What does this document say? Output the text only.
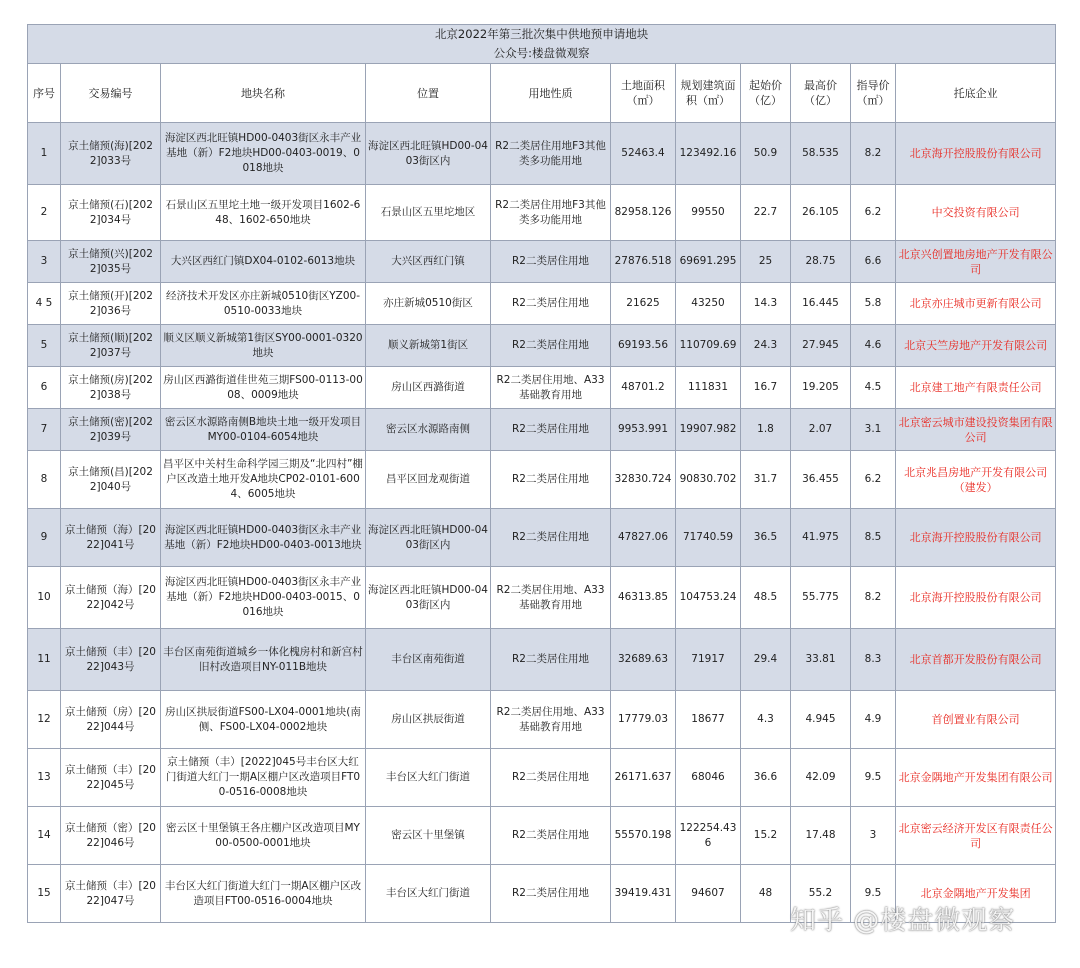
北京2022年第三批次集中供地预申请地块										
公众号:楼盘微观察										
序号	交易编号	地块名称	位置	用地性质	土地面积（㎡）	规划建筑面积（㎡）	起始价（亿）	最高价（亿）	指导价（㎡）	托底企业
1	京土储预(海)[2022]033号	海淀区西北旺镇HD00-0403街区永丰产业基地（新）F2地块HD00-0403-0019、0018地块	海淀区西北旺镇HD00-0403街区内	R2二类居住用地F3其他类多功能用地	52463.4	123492.16	50.9	58.535	8.2	北京海开控股股份有限公司
2	京土储预(石)[2022]034号	石景山区五里坨土地一级开发项目1602-648、1602-650地块	石景山区五里坨地区	R2二类居住用地F3其他类多功能用地	82958.126	99550	22.7	26.105	6.2	中交投资有限公司
3	京土储预(兴)[2022]035号	大兴区西红门镇DX04-0102-6013地块	大兴区西红门镇	R2二类居住用地	27876.518	69691.295	25	28.75	6.6	北京兴创置地房地产开发有限公司
4 5	京土储预(开)[2022]036号	经济技术开发区亦庄新城0510街区YZ00-0510-0033地块	亦庄新城0510街区	R2二类居住用地	21625	43250	14.3	16.445	5.8	北京亦庄城市更新有限公司
5	京土储预(顺)[2022]037号	顺义区顺义新城第1街区SY00-0001-0320地块	顺义新城第1街区	R2二类居住用地	69193.56	110709.69	24.3	27.945	4.6	北京天竺房地产开发有限公司
6	京土储预(房)[2022]038号	房山区西潞街道佳世苑三期FS00-0113-0008、0009地块	房山区西潞街道	R2二类居住用地、A33基础教育用地	48701.2	111831	16.7	19.205	4.5	北京建工地产有限责任公司
7	京土储预(密)[2022]039号	密云区水源路南侧B地块土地一级开发项目MY00-0104-6054地块	密云区水源路南侧	R2二类居住用地	9953.991	19907.982	1.8	2.07	3.1	北京密云城市建设投资集团有限公司
8	京土储预(昌)[2022]040号	昌平区中关村生命科学园三期及“北四村”棚户区改造土地开发A地块CP02-0101-6004、6005地块	昌平区回龙观街道	R2二类居住用地	32830.724	90830.702	31.7	36.455	6.2	北京兆昌房地产开发有限公司（建发）
9	京土储预（海）[2022]041号	海淀区西北旺镇HD00-0403街区永丰产业基地（新）F2地块HD00-0403-0013地块	海淀区西北旺镇HD00-0403街区内	R2二类居住用地	47827.06	71740.59	36.5	41.975	8.5	北京海开控股股份有限公司
10	京土储预（海）[2022]042号	海淀区西北旺镇HD00-0403街区永丰产业基地（新）F2地块HD00-0403-0015、0016地块	海淀区西北旺镇HD00-0403街区内	R2二类居住用地、A33基础教育用地	46313.85	104753.24	48.5	55.775	8.2	北京海开控股股份有限公司
11	京土储预（丰）[2022]043号	丰台区南苑街道城乡一体化槐房村和新宫村旧村改造项目NY-011B地块	丰台区南苑街道	R2二类居住用地	32689.63	71917	29.4	33.81	8.3	北京首都开发股份有限公司
12	京土储预（房）[2022]044号	房山区拱辰街道FS00-LX04-0001地块(南侧、FS00-LX04-0002地块	房山区拱辰街道	R2二类居住用地、A33基础教育用地	17779.03	18677	4.3	4.945	4.9	首创置业有限公司
13	京土储预（丰）[2022]045号	京土储预（丰）[2022]045号丰台区大红门街道大红门一期A区棚户区改造项目FT00-0516-0008地块	丰台区大红门街道	R2二类居住用地	26171.637	68046	36.6	42.09	9.5	北京金隅地产开发集团有限公司
14	京土储预（密）[2022]046号	密云区十里堡镇王各庄棚户区改造项目MY00-0500-0001地块	密云区十里堡镇	R2二类居住用地	55570.198	122254.436	15.2	17.48	3	北京密云经济开发区有限责任公司
15	京土储预（丰）[2022]047号	丰台区大红门街道大红门一期A区棚户区改造项目FT00-0516-0004地块	丰台区大红门街道	R2二类居住用地	39419.431	94607	48	55.2	9.5	北京金隅地产开发集团
知乎 @楼盘微观察
